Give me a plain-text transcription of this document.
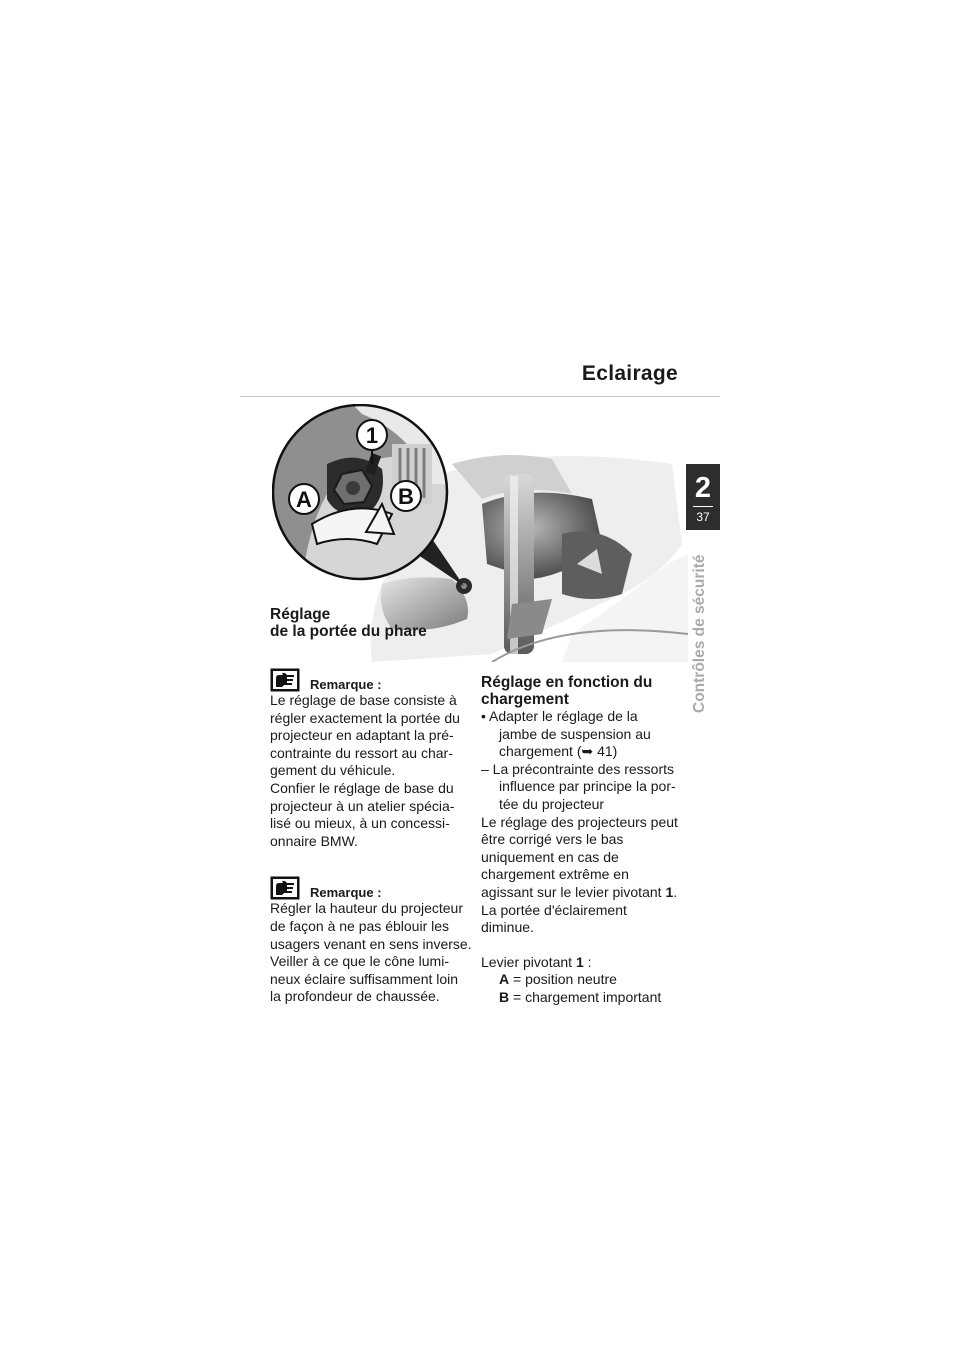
Eclairage
2
37
Contrôles de sécurité
1
A	B
Réglage
de la portée du phare
Remarque :

Le réglage de base consiste à

régler exactement la portée du

projecteur en adaptant la pré-

contrainte du ressort au char-

gement du véhicule.

Confier le réglage de base du

projecteur à un atelier spécia-

lisé ou mieux, à un concessi-

onnaire BMW.

Remarque :

Régler la hauteur du projecteur

de façon à ne pas éblouir les

usagers venant en sens inverse.

Veiller à ce que le cône lumi-

neux éclaire suffisamment loin

la profondeur de chaussée.

Réglage en fonction du
chargement

• Adapter le réglage de la

jambe de suspension au

chargement (➥ 41)

– La précontrainte des ressorts

influence par principe la por-

tée du projecteur

Le réglage des projecteurs peut

être corrigé vers le bas

uniquement en cas de

chargement extrême en

agissant sur le levier pivotant 1.

La portée d'éclairement

diminue.

Levier pivotant 1 :

A = position neutre

B = chargement important
